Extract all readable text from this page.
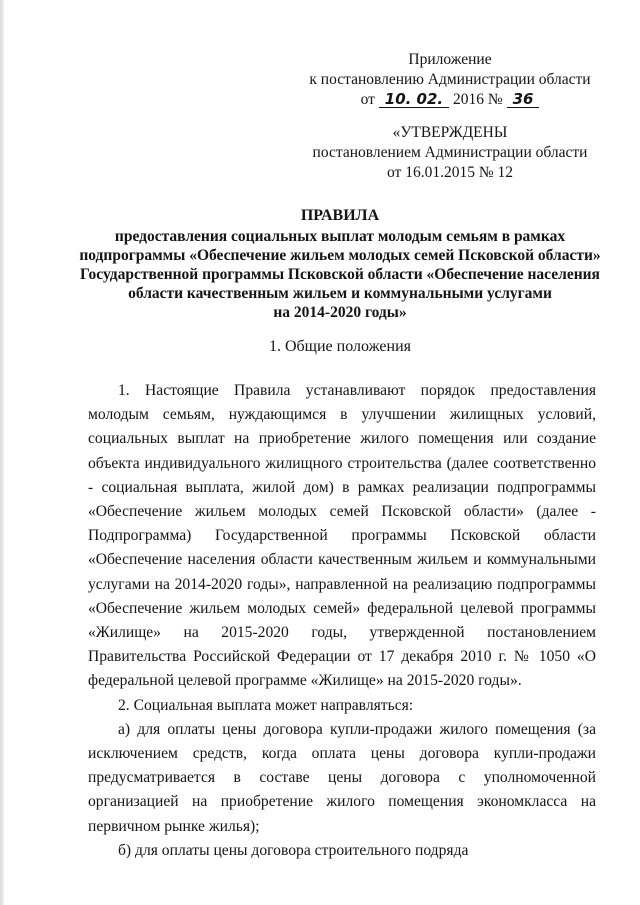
Приложение
к постановлению Администрации области
от 10. 02. 2016 № 36
«УТВЕРЖДЕНЫ
постановлением Администрации области
от 16.01.2015 № 12
ПРАВИЛА
предоставления социальных выплат молодым семьям в рамках
подпрограммы «Обеспечение жильем молодых семей Псковской области»
Государственной программы Псковской области «Обеспечение населения
области качественным жильем и коммунальными услугами
на 2014-2020 годы»
1. Общие положения

1. Настоящие Правила устанавливают порядок предоставления молодым семьям, нуждающимся в улучшении жилищных условий, социальных выплат на приобретение жилого помещения или создание объекта индивидуального жилищного строительства (далее соответственно - социальная выплата, жилой дом) в рамках реализации подпрограммы «Обеспечение жильем молодых семей Псковской области» (далее - Подпрограмма) Государственной программы Псковской области «Обеспечение населения области качественным жильем и коммунальными услугами на 2014-2020 годы», направленной на реализацию подпрограммы «Обеспечение жильем молодых семей» федеральной целевой программы «Жилище» на 2015-2020 годы, утвержденной постановлением Правительства Российской Федерации от 17 декабря 2010 г. № 1050 «О федеральной целевой программе «Жилище» на 2015-2020 годы».

2. Социальная выплата может направляться:

а) для оплаты цены договора купли-продажи жилого помещения (за исключением средств, когда оплата цены договора купли-продажи предусматривается в составе цены договора с уполномоченной организацией на приобретение жилого помещения экономкласса на первичном рынке жилья);

б) для оплаты цены договора строительного подряда
